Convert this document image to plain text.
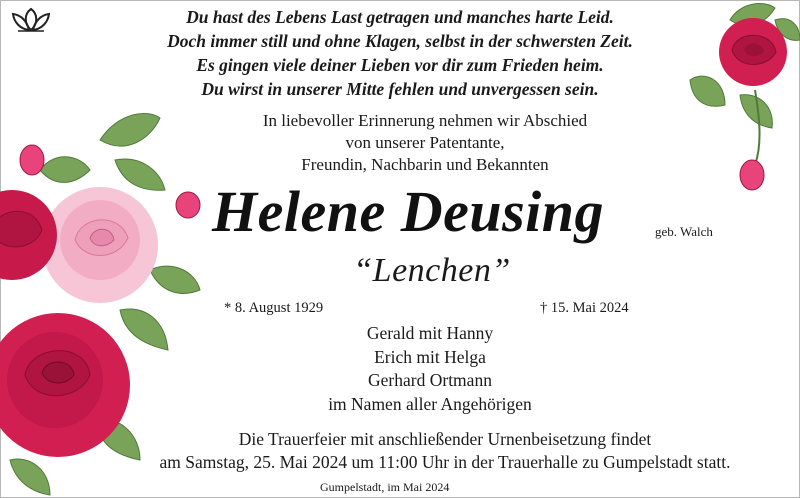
Du hast des Lebens Last getragen und manches harte Leid.
Doch immer still und ohne Klagen, selbst in der schwersten Zeit.
Es gingen viele deiner Lieben vor dir zum Frieden heim.
Du wirst in unserer Mitte fehlen und unvergessen sein.
In liebevoller Erinnerung nehmen wir Abschied
von unserer Patentante,
Freundin, Nachbarin und Bekannten
Helene Deusing	geb. Walch
“Lenchen”
* 8. August 1929	† 15. Mai 2024
Gerald mit Hanny
Erich mit Helga
Gerhard Ortmann
im Namen aller Angehörigen
Die Trauerfeier mit anschließender Urnenbeisetzung findet
am Samstag, 25. Mai 2024 um 11:00 Uhr in der Trauerhalle zu Gumpelstadt statt.
Gumpelstadt, im Mai 2024
